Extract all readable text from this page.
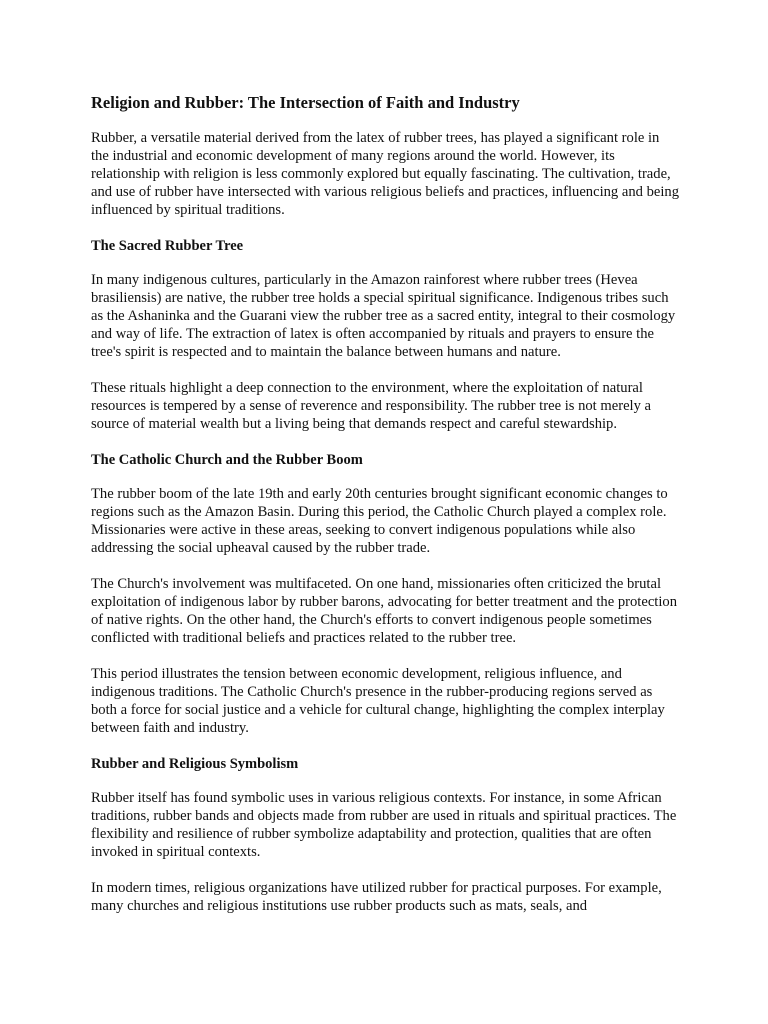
Religion and Rubber: The Intersection of Faith and Industry

Rubber, a versatile material derived from the latex of rubber trees, has played a significant role in the industrial and economic development of many regions around the world. However, its relationship with religion is less commonly explored but equally fascinating. The cultivation, trade, and use of rubber have intersected with various religious beliefs and practices, influencing and being influenced by spiritual traditions.

The Sacred Rubber Tree

In many indigenous cultures, particularly in the Amazon rainforest where rubber trees (Hevea brasiliensis) are native, the rubber tree holds a special spiritual significance. Indigenous tribes such as the Ashaninka and the Guarani view the rubber tree as a sacred entity, integral to their cosmology and way of life. The extraction of latex is often accompanied by rituals and prayers to ensure the tree's spirit is respected and to maintain the balance between humans and nature.

These rituals highlight a deep connection to the environment, where the exploitation of natural resources is tempered by a sense of reverence and responsibility. The rubber tree is not merely a source of material wealth but a living being that demands respect and careful stewardship.

The Catholic Church and the Rubber Boom

The rubber boom of the late 19th and early 20th centuries brought significant economic changes to regions such as the Amazon Basin. During this period, the Catholic Church played a complex role. Missionaries were active in these areas, seeking to convert indigenous populations while also addressing the social upheaval caused by the rubber trade.

The Church's involvement was multifaceted. On one hand, missionaries often criticized the brutal exploitation of indigenous labor by rubber barons, advocating for better treatment and the protection of native rights. On the other hand, the Church's efforts to convert indigenous people sometimes conflicted with traditional beliefs and practices related to the rubber tree.

This period illustrates the tension between economic development, religious influence, and indigenous traditions. The Catholic Church's presence in the rubber-producing regions served as both a force for social justice and a vehicle for cultural change, highlighting the complex interplay between faith and industry.

Rubber and Religious Symbolism

Rubber itself has found symbolic uses in various religious contexts. For instance, in some African traditions, rubber bands and objects made from rubber are used in rituals and spiritual practices. The flexibility and resilience of rubber symbolize adaptability and protection, qualities that are often invoked in spiritual contexts.

In modern times, religious organizations have utilized rubber for practical purposes. For example, many churches and religious institutions use rubber products such as mats, seals, and
